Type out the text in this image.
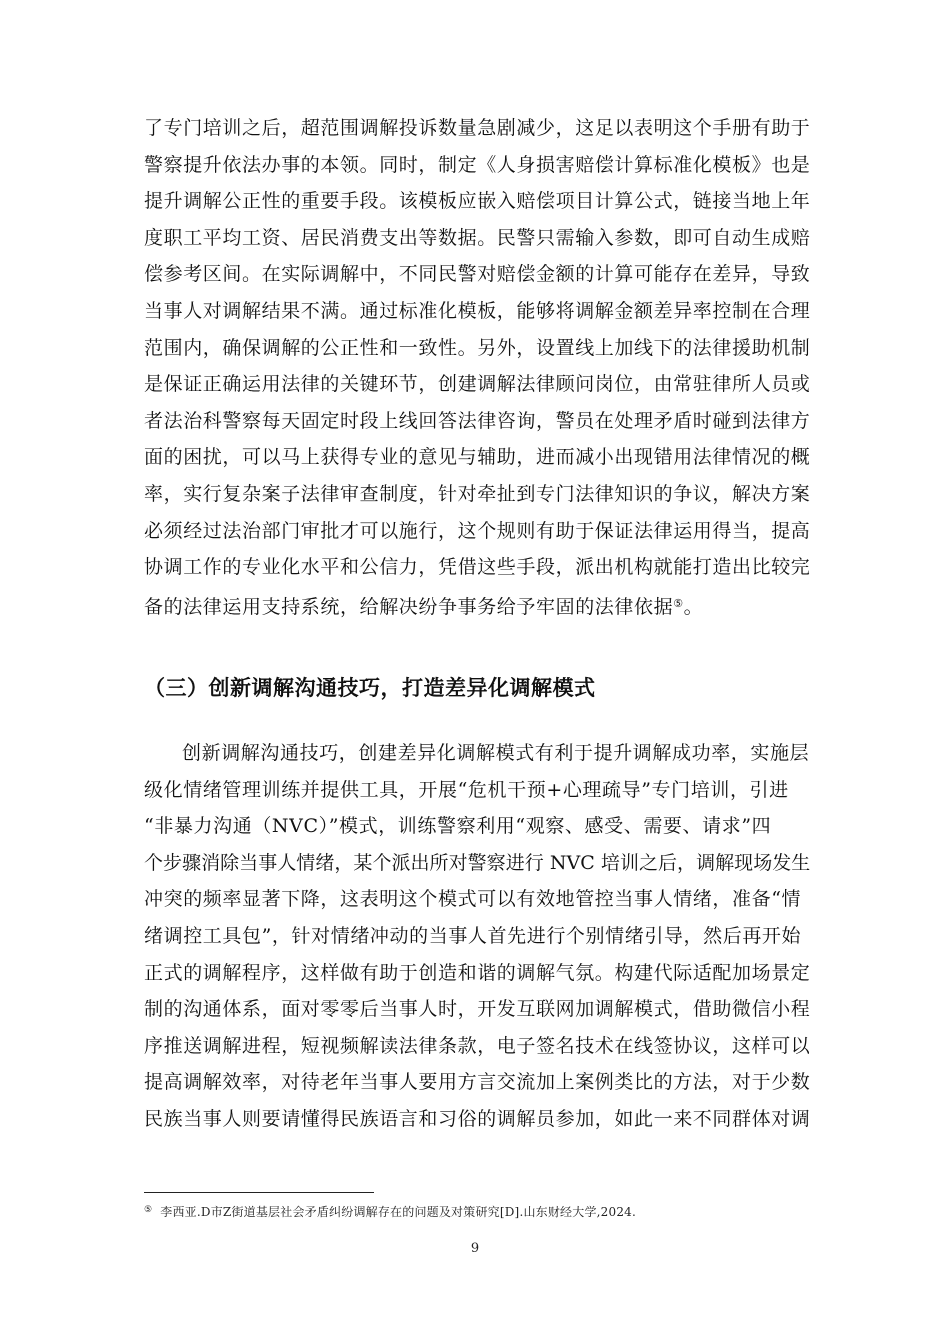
了专门培训之后，超范围调解投诉数量急剧减少，这足以表明这个手册有助于
警察提升依法办事的本领。同时，制定《人身损害赔偿计算标准化模板》也是
提升调解公正性的重要手段。该模板应嵌入赔偿项目计算公式，链接当地上年
度职工平均工资、居民消费支出等数据。民警只需输入参数，即可自动生成赔
偿参考区间。在实际调解中，不同民警对赔偿金额的计算可能存在差异，导致
当事人对调解结果不满。通过标准化模板，能够将调解金额差异率控制在合理
范围内，确保调解的公正性和一致性。另外，设置线上加线下的法律援助机制
是保证正确运用法律的关键环节，创建调解法律顾问岗位，由常驻律所人员或
者法治科警察每天固定时段上线回答法律咨询，警员在处理矛盾时碰到法律方
面的困扰，可以马上获得专业的意见与辅助，进而减小出现错用法律情况的概
率，实行复杂案子法律审查制度，针对牵扯到专门法律知识的争议，解决方案
必须经过法治部门审批才可以施行，这个规则有助于保证法律运用得当，提高
协调工作的专业化水平和公信力，凭借这些手段，派出机构就能打造出比较完
备的法律运用支持系统，给解决纷争事务给予牢固的法律依据⑤。
（三）创新调解沟通技巧，打造差异化调解模式
创新调解沟通技巧，创建差异化调解模式有利于提升调解成功率，实施层
级化情绪管理训练并提供工具，开展“危机干预+心理疏导”专门培训，引进
“非暴力沟通（NVC）”模式，训练警察利用“观察、感受、需要、请求”四
个步骤消除当事人情绪，某个派出所对警察进行 NVC 培训之后，调解现场发生
冲突的频率显著下降，这表明这个模式可以有效地管控当事人情绪，准备“情
绪调控工具包”，针对情绪冲动的当事人首先进行个别情绪引导，然后再开始
正式的调解程序，这样做有助于创造和谐的调解气氛。构建代际适配加场景定
制的沟通体系，面对零零后当事人时，开发互联网加调解模式，借助微信小程
序推送调解进程，短视频解读法律条款，电子签名技术在线签协议，这样可以
提高调解效率，对待老年当事人要用方言交流加上案例类比的方法，对于少数
民族当事人则要请懂得民族语言和习俗的调解员参加，如此一来不同群体对调
⑤ 李西亚.D市Z街道基层社会矛盾纠纷调解存在的问题及对策研究[D].山东财经大学,2024.
9
